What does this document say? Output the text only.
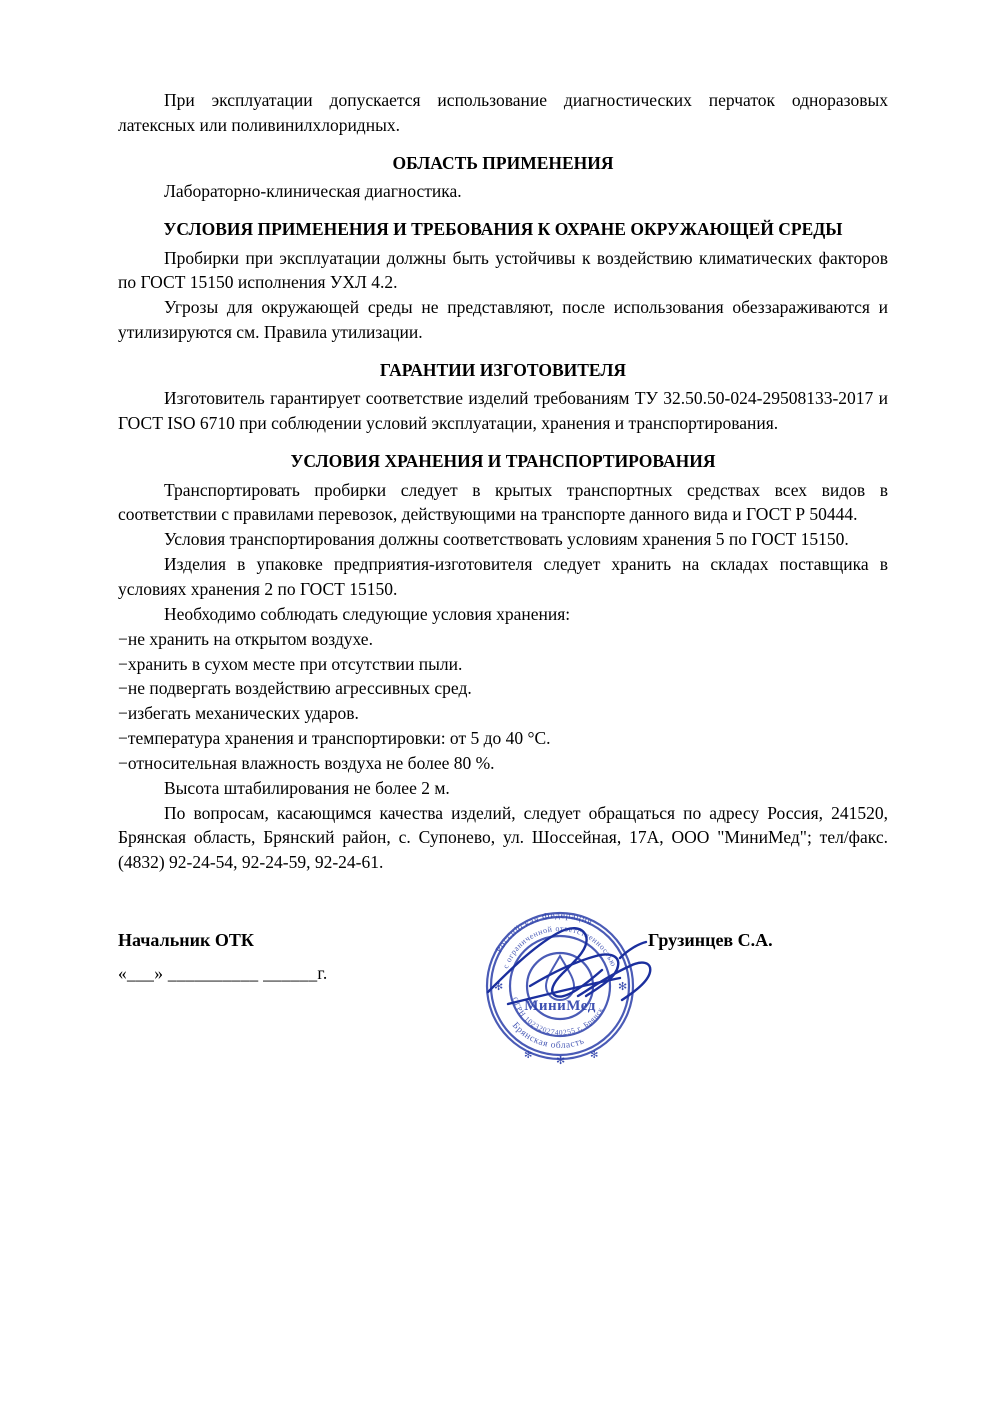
При эксплуатации допускается использование диагностических перчаток одноразовых латексных или поливинилхлоридных.

ОБЛАСТЬ ПРИМЕНЕНИЯ

Лабораторно-клиническая диагностика.

УСЛОВИЯ ПРИМЕНЕНИЯ И ТРЕБОВАНИЯ К ОХРАНЕ ОКРУЖАЮЩЕЙ СРЕДЫ

Пробирки при эксплуатации должны быть устойчивы к воздействию климатических факторов по ГОСТ 15150 исполнения УХЛ 4.2.

Угрозы для окружающей среды не представляют, после использования обеззараживаются и утилизируются см. Правила утилизации.

ГАРАНТИИ ИЗГОТОВИТЕЛЯ

Изготовитель гарантирует соответствие изделий требованиям ТУ 32.50.50-024-29508133-2017 и ГОСТ ISO 6710 при соблюдении условий эксплуатации, хранения и транспортирования.

УСЛОВИЯ ХРАНЕНИЯ И ТРАНСПОРТИРОВАНИЯ

Транспортировать пробирки следует в крытых транспортных средствах всех видов в соответствии с правилами перевозок, действующими на транспорте данного вида и ГОСТ Р 50444.

Условия транспортирования должны соответствовать условиям хранения 5 по ГОСТ 15150.

Изделия в упаковке предприятия-изготовителя следует хранить на складах поставщика в условиях хранения 2 по ГОСТ 15150.

Необходимо соблюдать следующие условия хранения:

−не хранить на открытом воздухе.

−хранить в сухом месте при отсутствии пыли.

−не подвергать воздействию агрессивных сред.

−избегать механических ударов.

−температура хранения и транспортировки: от 5 до 40 °С.

−относительная влажность воздуха не более 80 %.

Высота штабилирования не более 2 м.

По вопросам, касающимся качества изделий, следует обращаться по адресу Россия, 241520, Брянская область, Брянский район, с. Супонево, ул. Шоссейная, 17А, ООО "МиниМед"; тел/факс. (4832) 92-24-54, 92-24-59, 92-24-61.

Начальник ОТК
«___» __________ ______г.
Грузинцев С.А.
Российская Федерация
Брянская область
с ограниченной ответственностью
ОГРН 1023202740255 г. Брянск
✻	✻
✻
✻	✻
МиниМед
